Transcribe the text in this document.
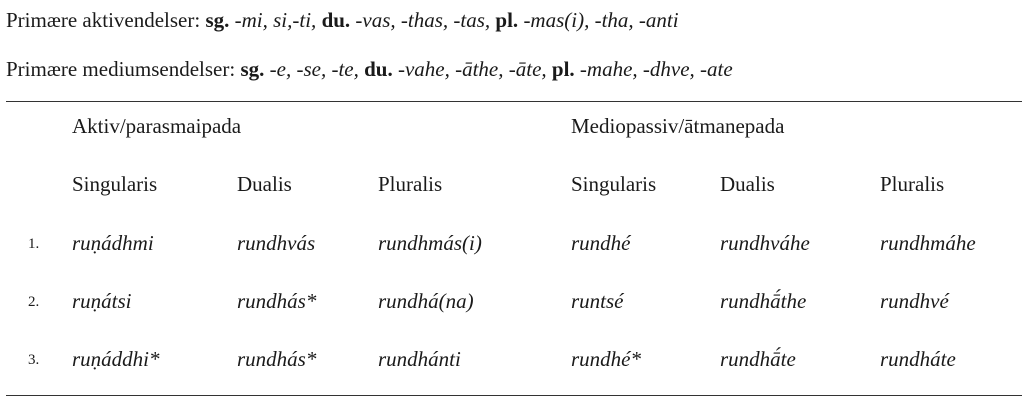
Primære aktivendelser: sg. -mi, si,-ti, du. -vas, -thas, -tas, pl. -mas(i), -tha, -anti
Primære mediumsendelser: sg. -e, -se, -te, du. -vahe, -āthe, -āte, pl. -mahe, -dhve, -ate
Aktiv/parasmaipada	Mediopassiv/ātmanepada
Singularis	Dualis	Pluralis	Singularis	Dualis	Pluralis
1. ruṇádhmi	rundhvás	rundhmás(i)	rundhé	rundhváhe	rundhmáhe
2. ruṇátsi	rundhás*	rundhá(na)	runtsé	rundhā́the	rundhvé
3. ruṇáddhi*	rundhás*	rundhánti	rundhé*	rundhā́te	rundháte
